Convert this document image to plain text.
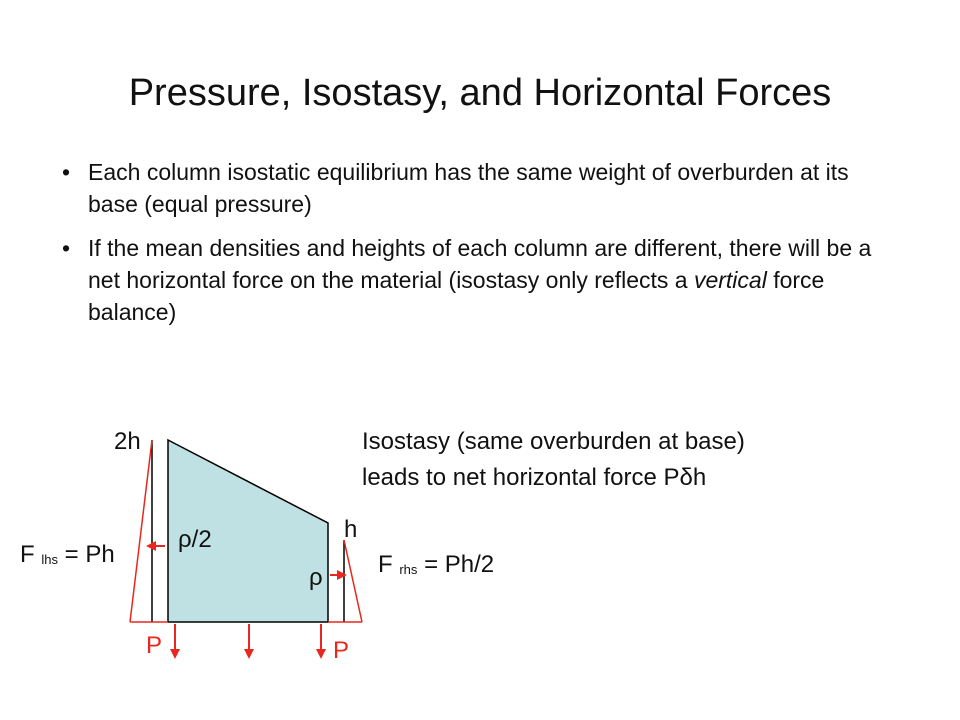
Pressure, Isostasy, and Horizontal Forces
• Each column isostatic equilibrium has the same weight of overburden at its base (equal pressure)
• If the mean densities and heights of each column are different, there will be a net horizontal force on the material (isostasy only reflects a vertical force balance)
2h
h
ρ/2
ρ
F lhs = Ph	F rhs = Ph/2
P	P
Isostasy (same overburden at base)
leads to net horizontal force Pδh
